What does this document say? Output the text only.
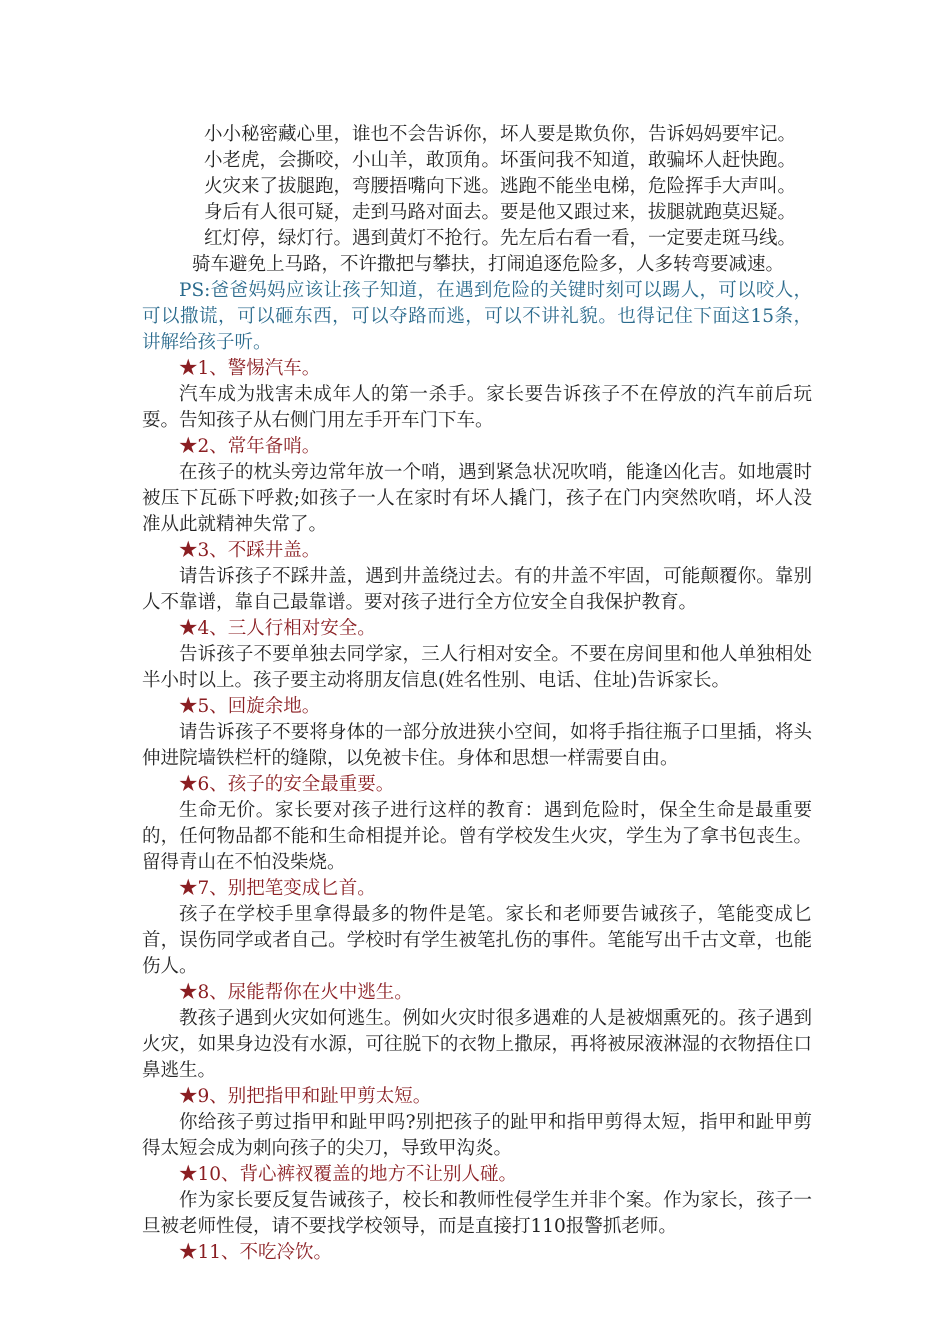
小小秘密藏心里，谁也不会告诉你，坏人要是欺负你，告诉妈妈要牢记。
小老虎，会撕咬，小山羊，敢顶角。坏蛋问我不知道，敢骗坏人赶快跑。
火灾来了拔腿跑，弯腰捂嘴向下逃。逃跑不能坐电梯，危险挥手大声叫。
身后有人很可疑，走到马路对面去。要是他又跟过来，拔腿就跑莫迟疑。
红灯停，绿灯行。遇到黄灯不抢行。先左后右看一看，一定要走斑马线。
骑车避免上马路，不许撒把与攀扶，打闹追逐危险多，人多转弯要减速。

PS:爸爸妈妈应该让孩子知道，在遇到危险的关键时刻可以踢人，可以咬人，可以撒谎，可以砸东西，可以夺路而逃，可以不讲礼貌。也得记住下面这15条，讲解给孩子听。

★1、警惕汽车。

汽车成为戕害未成年人的第一杀手。家长要告诉孩子不在停放的汽车前后玩耍。告知孩子从右侧门用左手开车门下车。

★2、常年备哨。

在孩子的枕头旁边常年放一个哨，遇到紧急状况吹哨，能逢凶化吉。如地震时被压下瓦砾下呼救;如孩子一人在家时有坏人撬门，孩子在门内突然吹哨，坏人没准从此就精神失常了。

★3、不踩井盖。

请告诉孩子不踩井盖，遇到井盖绕过去。有的井盖不牢固，可能颠覆你。靠别人不靠谱，靠自己最靠谱。要对孩子进行全方位安全自我保护教育。

★4、三人行相对安全。

告诉孩子不要单独去同学家，三人行相对安全。不要在房间里和他人单独相处半小时以上。孩子要主动将朋友信息(姓名性别、电话、住址)告诉家长。

★5、回旋余地。

请告诉孩子不要将身体的一部分放进狭小空间，如将手指往瓶子口里插，将头伸进院墙铁栏杆的缝隙，以免被卡住。身体和思想一样需要自由。

★6、孩子的安全最重要。

生命无价。家长要对孩子进行这样的教育：遇到危险时，保全生命是最重要的，任何物品都不能和生命相提并论。曾有学校发生火灾，学生为了拿书包丧生。留得青山在不怕没柴烧。

★7、别把笔变成匕首。

孩子在学校手里拿得最多的物件是笔。家长和老师要告诫孩子，笔能变成匕首，误伤同学或者自己。学校时有学生被笔扎伤的事件。笔能写出千古文章，也能伤人。

★8、尿能帮你在火中逃生。

教孩子遇到火灾如何逃生。例如火灾时很多遇难的人是被烟熏死的。孩子遇到火灾，如果身边没有水源，可往脱下的衣物上撒尿，再将被尿液淋湿的衣物捂住口鼻逃生。

★9、别把指甲和趾甲剪太短。

你给孩子剪过指甲和趾甲吗?别把孩子的趾甲和指甲剪得太短，指甲和趾甲剪得太短会成为刺向孩子的尖刀，导致甲沟炎。

★10、背心裤衩覆盖的地方不让别人碰。

作为家长要反复告诫孩子，校长和教师性侵学生并非个案。作为家长，孩子一旦被老师性侵，请不要找学校领导，而是直接打110报警抓老师。

★11、不吃冷饮。
